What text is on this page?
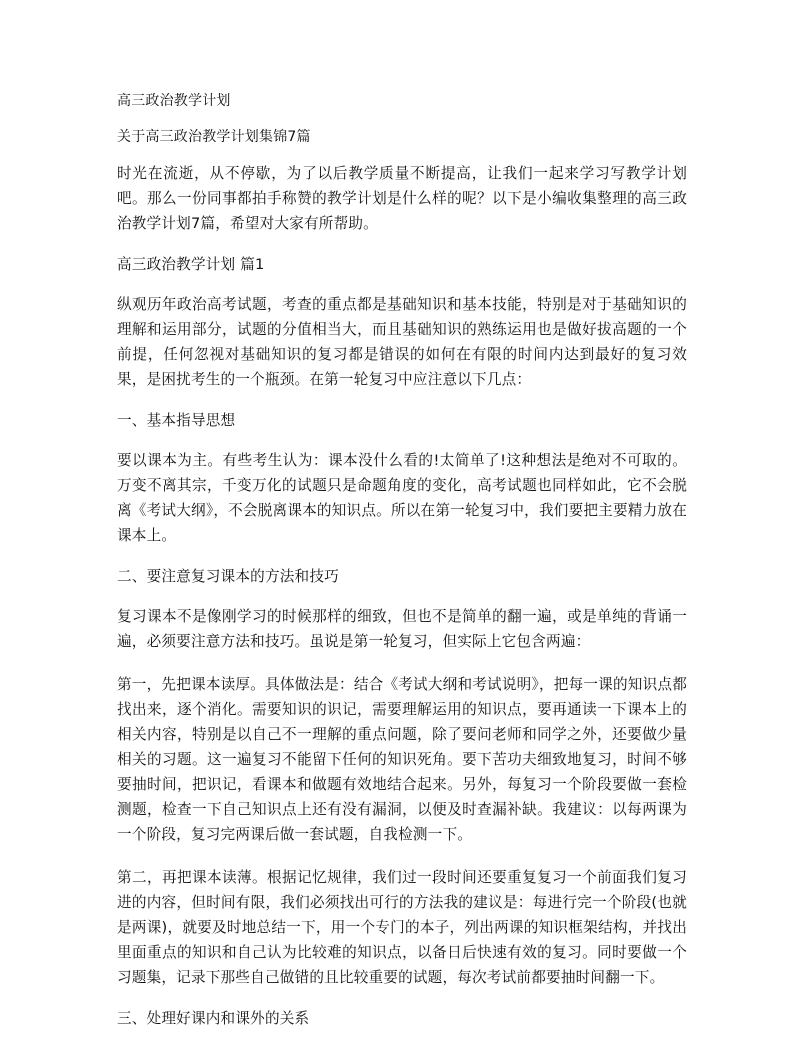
高三政治教学计划

关于高三政治教学计划集锦7篇

时光在流逝，从不停歇，为了以后教学质量不断提高，让我们一起来学习写教学计划吧。那么一份同事都拍手称赞的教学计划是什么样的呢？以下是小编收集整理的高三政治教学计划7篇，希望对大家有所帮助。

高三政治教学计划 篇1

纵观历年政治高考试题，考查的重点都是基础知识和基本技能，特别是对于基础知识的理解和运用部分，试题的分值相当大，而且基础知识的熟练运用也是做好拔高题的一个前提，任何忽视对基础知识的复习都是错误的如何在有限的时间内达到最好的复习效果，是困扰考生的一个瓶颈。在第一轮复习中应注意以下几点：

一、基本指导思想

要以课本为主。有些考生认为：课本没什么看的!太简单了!这种想法是绝对不可取的。万变不离其宗，千变万化的试题只是命题角度的变化，高考试题也同样如此，它不会脱离《考试大纲》，不会脱离课本的知识点。所以在第一轮复习中，我们要把主要精力放在课本上。

二、要注意复习课本的方法和技巧

复习课本不是像刚学习的时候那样的细致，但也不是简单的翻一遍，或是单纯的背诵一遍，必须要注意方法和技巧。虽说是第一轮复习，但实际上它包含两遍：

第一，先把课本读厚。具体做法是：结合《考试大纲和考试说明》，把每一课的知识点都找出来，逐个消化。需要知识的识记，需要理解运用的知识点，要再通读一下课本上的相关内容，特别是以自己不一理解的重点问题，除了要问老师和同学之外，还要做少量相关的习题。这一遍复习不能留下任何的知识死角。要下苦功夫细致地复习，时间不够要抽时间，把识记，看课本和做题有效地结合起来。另外，每复习一个阶段要做一套检测题，检查一下自己知识点上还有没有漏洞，以便及时查漏补缺。我建议：以每两课为一个阶段，复习完两课后做一套试题，自我检测一下。

第二，再把课本读薄。根据记忆规律，我们过一段时间还要重复复习一个前面我们复习进的内容，但时间有限，我们必须找出可行的方法我的建议是：每进行完一个阶段(也就是两课)，就要及时地总结一下，用一个专门的本子，列出两课的知识框架结构，并找出里面重点的知识和自己认为比较难的知识点，以备日后快速有效的复习。同时要做一个习题集，记录下那些自己做错的且比较重要的试题，每次考试前都要抽时间翻一下。

三、处理好课内和课外的关系
